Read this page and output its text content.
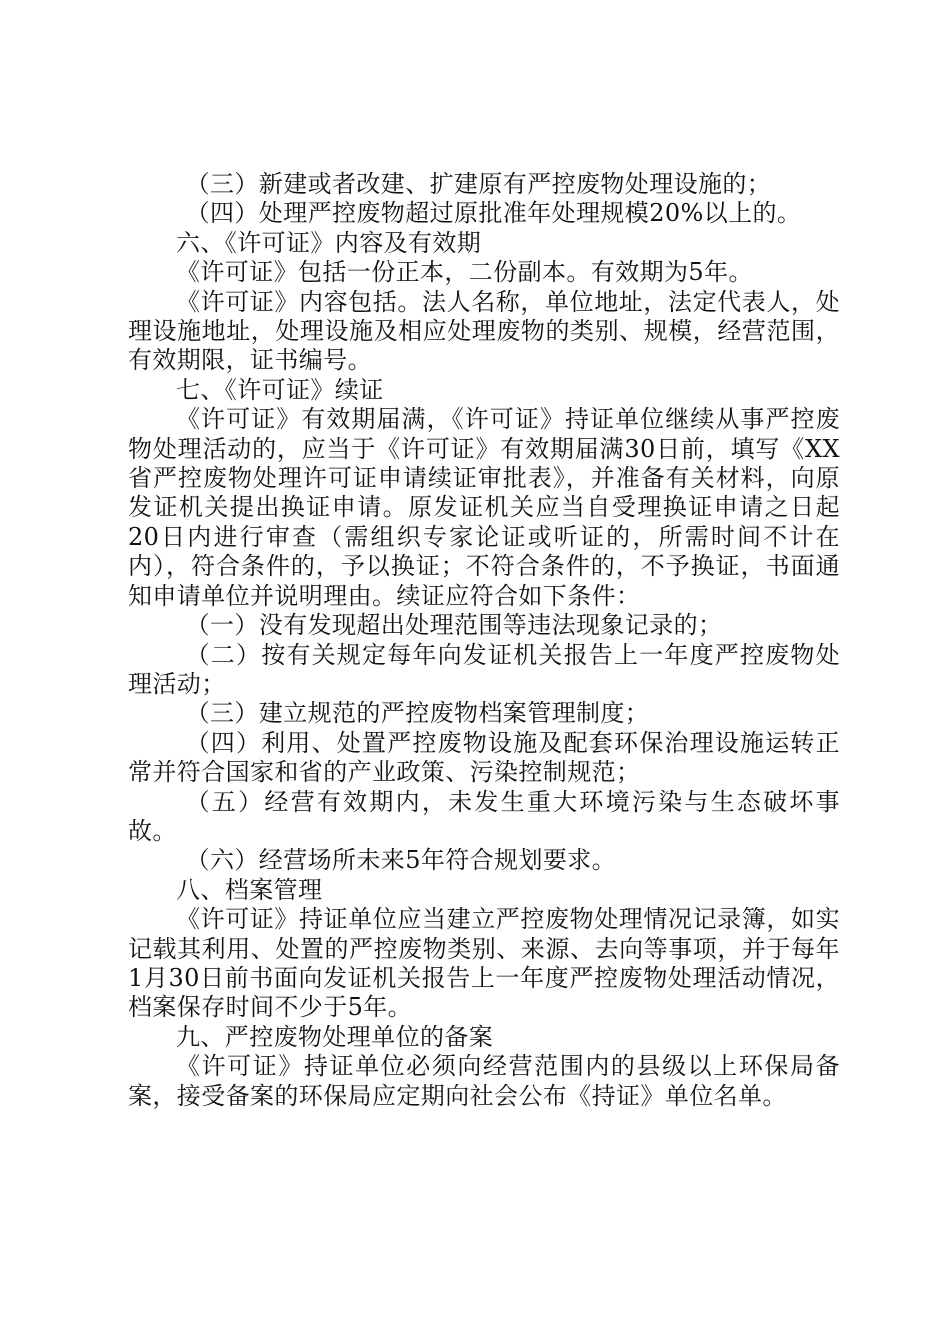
（三）新建或者改建、扩建原有严控废物处理设施的；

（四）处理严控废物超过原批准年处理规模20%以上的。

六、《许可证》内容及有效期

《许可证》包括一份正本，二份副本。有效期为5年。

《许可证》内容包括。法人名称，单位地址，法定代表人，处理设施地址，处理设施及相应处理废物的类别、规模，经营范围，有效期限，证书编号。

七、《许可证》续证

《许可证》有效期届满，《许可证》持证单位继续从事严控废物处理活动的，应当于《许可证》有效期届满30日前，填写《XX省严控废物处理许可证申请续证审批表》，并准备有关材料，向原发证机关提出换证申请。原发证机关应当自受理换证申请之日起20日内进行审查（需组织专家论证或听证的，所需时间不计在内），符合条件的，予以换证；不符合条件的，不予换证，书面通知申请单位并说明理由。续证应符合如下条件：

（一）没有发现超出处理范围等违法现象记录的；

（二）按有关规定每年向发证机关报告上一年度严控废物处理活动；

（三）建立规范的严控废物档案管理制度；

（四）利用、处置严控废物设施及配套环保治理设施运转正常并符合国家和省的产业政策、污染控制规范；

（五）经营有效期内，未发生重大环境污染与生态破坏事故。

（六）经营场所未来5年符合规划要求。

八、档案管理

《许可证》持证单位应当建立严控废物处理情况记录簿，如实记载其利用、处置的严控废物类别、来源、去向等事项，并于每年1月30日前书面向发证机关报告上一年度严控废物处理活动情况，档案保存时间不少于5年。

九、严控废物处理单位的备案

《许可证》持证单位必须向经营范围内的县级以上环保局备案，接受备案的环保局应定期向社会公布《持证》单位名单。
